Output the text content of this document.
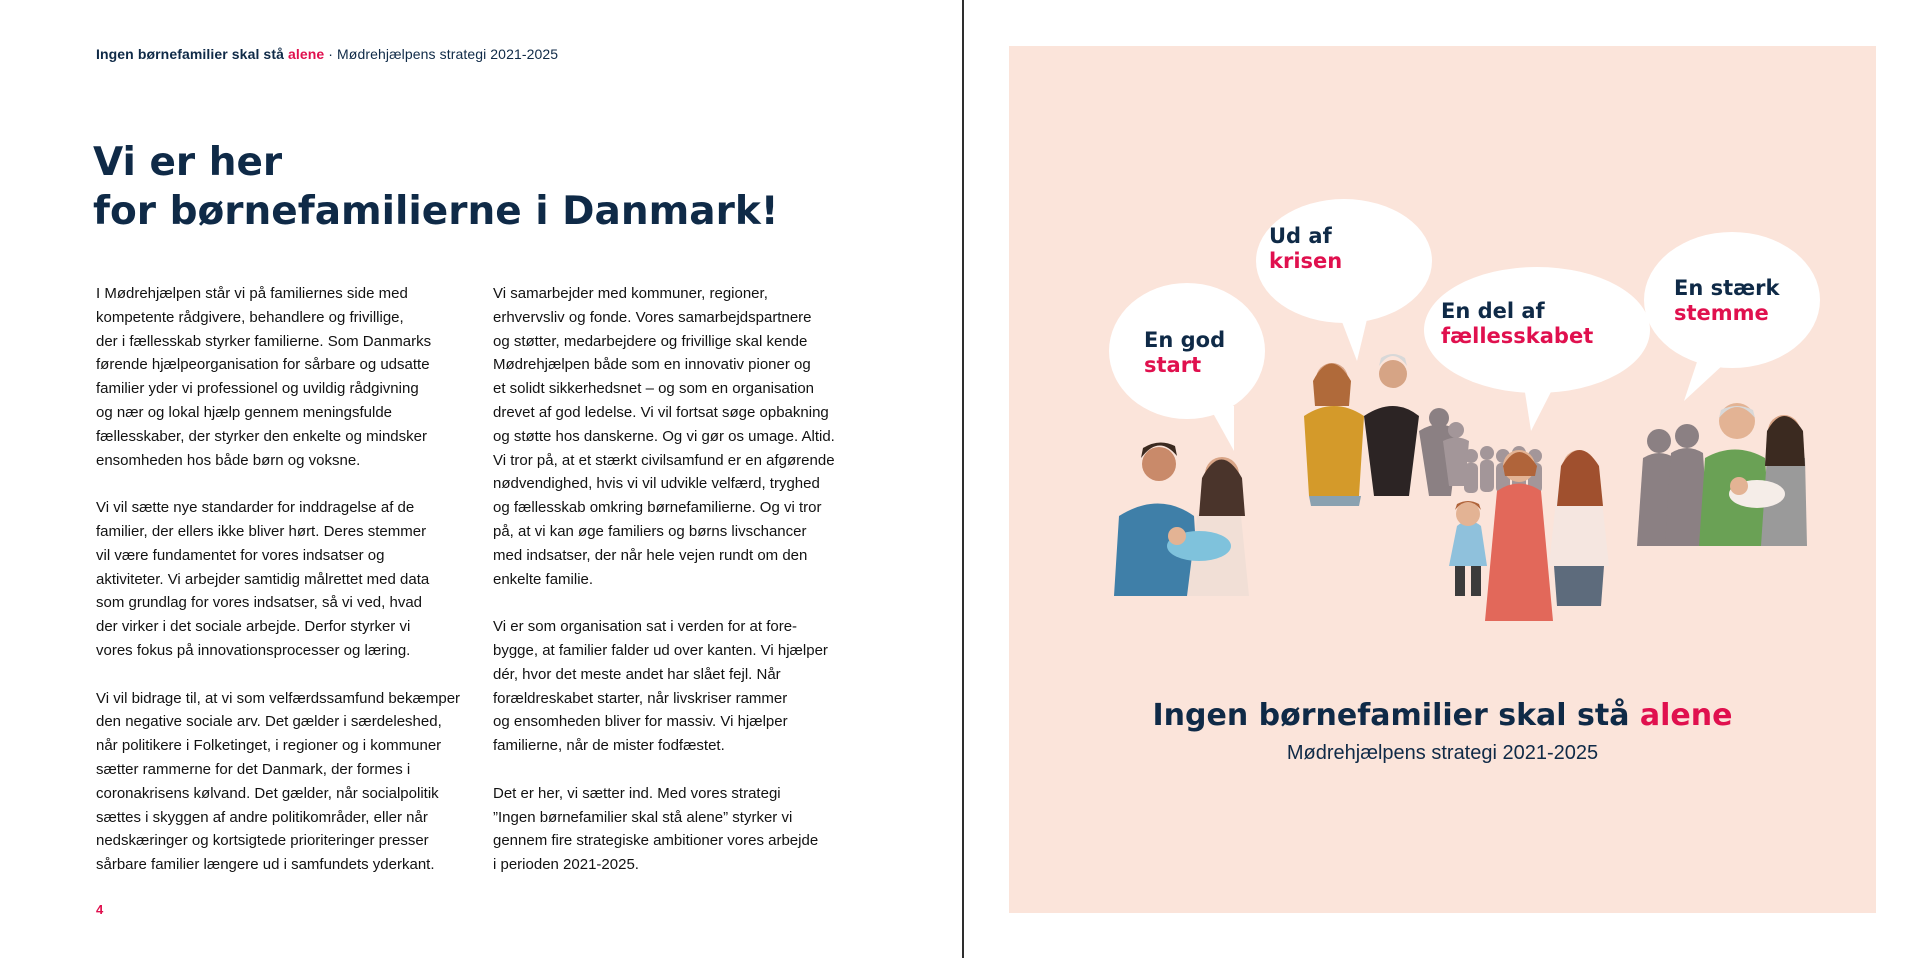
Ingen børnefamilier skal stå alene · Mødrehjælpens strategi 2021-2025
Vi er her
for børnefamilierne i Danmark!

I Mødrehjælpen står vi på familiernes side med
kompetente rådgivere, behandlere og frivillige,
der i fællesskab styrker familierne. Som Danmarks
førende hjælpeorganisation for sårbare og udsatte
familier yder vi professionel og uvildig rådgivning
og nær og lokal hjælp gennem meningsfulde
fællesskaber, der styrker den enkelte og mindsker
ensomheden hos både børn og voksne.

Vi vil sætte nye standarder for inddragelse af de
familier, der ellers ikke bliver hørt. Deres stemmer
vil være fundamentet for vores indsatser og
aktiviteter. Vi arbejder samtidig målrettet med data
som grundlag for vores indsatser, så vi ved, hvad
der virker i det sociale arbejde. Derfor styrker vi
vores fokus på innovationsprocesser og læring.

Vi vil bidrage til, at vi som velfærdssamfund bekæmper
den negative sociale arv. Det gælder i særdeleshed,
når politikere i Folketinget, i regioner og i kommuner
sætter rammerne for det Danmark, der formes i
coronakrisens kølvand. Det gælder, når socialpolitik
sættes i skyggen af andre politikområder, eller når
nedskæringer og kortsigtede prioriteringer presser
sårbare familier længere ud i samfundets yderkant.

Vi samarbejder med kommuner, regioner,
erhvervsliv og fonde. Vores samarbejdspartnere
og støtter, medarbejdere og frivillige skal kende
Mødrehjælpen både som en innovativ pioner og
et solidt sikkerhedsnet – og som en organisation
drevet af god ledelse. Vi vil fortsat søge opbakning
og støtte hos danskerne. Og vi gør os umage. Altid.
Vi tror på, at et stærkt civilsamfund er en afgørende
nødvendighed, hvis vi vil udvikle velfærd, tryghed
og fællesskab omkring børnefamilierne. Og vi tror
på, at vi kan øge familiers og børns livschancer
med indsatser, der når hele vejen rundt om den
enkelte familie.

Vi er som organisation sat i verden for at fore-
bygge, at familier falder ud over kanten. Vi hjælper
dér, hvor det meste andet har slået fejl. Når
forældreskabet starter, når livskriser rammer
og ensomheden bliver for massiv. Vi hjælper
familierne, når de mister fodfæstet.

Det er her, vi sætter ind. Med vores strategi
”Ingen børnefamilier skal stå alene” styrker vi
gennem fire strategiske ambitioner vores arbejde
i perioden 2021-2025.

4
En god
start
Ud af
krisen
En del af
fællesskabet
En stærk
stemme
Ingen børnefamilier skal stå alene
Mødrehjælpens strategi 2021-2025
